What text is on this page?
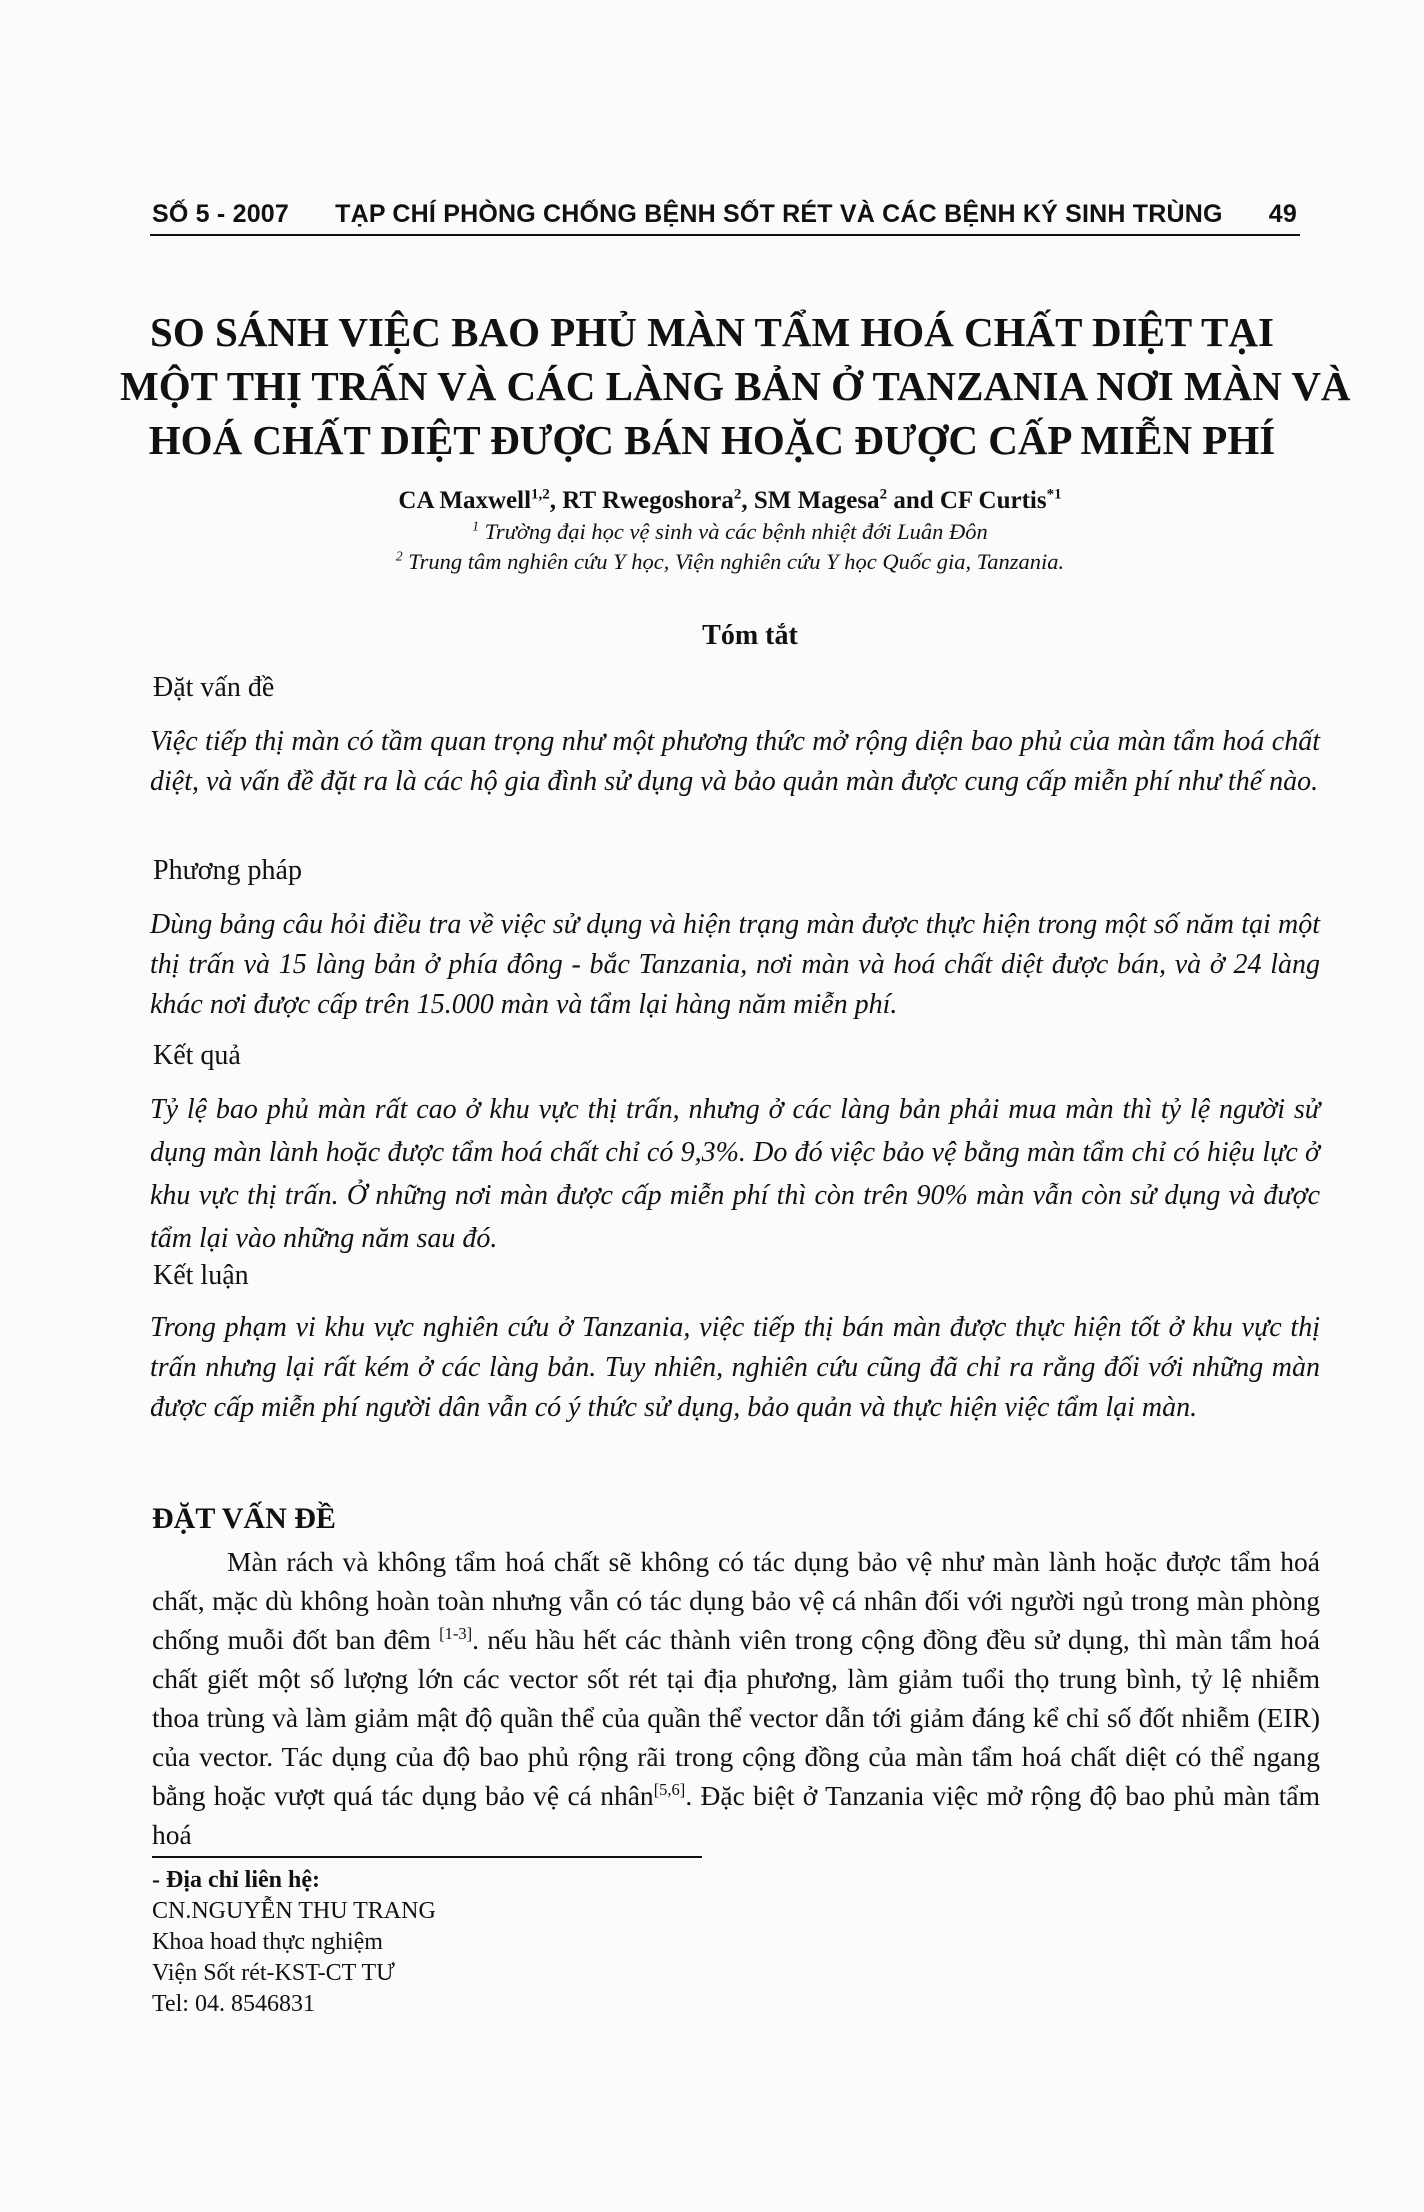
SỐ 5 - 2007 TẠP CHÍ PHÒNG CHỐNG BỆNH SỐT RÉT VÀ CÁC BỆNH KÝ SINH TRÙNG 49
SO SÁNH VIỆC BAO PHỦ MÀN TẨM HOÁ CHẤT DIỆT TẠI
MỘT THỊ TRẤN VÀ CÁC LÀNG BẢN Ở TANZANIA NƠI MÀN VÀ
HOÁ CHẤT DIỆT ĐƯỢC BÁN HOẶC ĐƯỢC CẤP MIỄN PHÍ
CA Maxwell$^{1,2}$, RT Rwegoshora$^2$, SM Magesa$^2$ and CF Curtis$^{*1}$
$^1$ Trường đại học vệ sinh và các bệnh nhiệt đới Luân Đôn
$^2$ Trung tâm nghiên cứu Y học, Viện nghiên cứu Y học Quốc gia, Tanzania.
Tóm tắt
Đặt vấn đề
Việc tiếp thị màn có tầm quan trọng như một phương thức mở rộng diện bao phủ của màn tẩm hoá chất diệt, và vấn đề đặt ra là các hộ gia đình sử dụng và bảo quản màn được cung cấp miễn phí như thế nào.
Phương pháp
Dùng bảng câu hỏi điều tra về việc sử dụng và hiện trạng màn được thực hiện trong một số năm tại một thị trấn và 15 làng bản ở phía đông - bắc Tanzania, nơi màn và hoá chất diệt được bán, và ở 24 làng khác nơi được cấp trên 15.000 màn và tẩm lại hàng năm miễn phí.
Kết quả
Tỷ lệ bao phủ màn rất cao ở khu vực thị trấn, nhưng ở các làng bản phải mua màn thì tỷ lệ người sử dụng màn lành hoặc được tẩm hoá chất chỉ có 9,3%. Do đó việc bảo vệ bằng màn tẩm chỉ có hiệu lực ở khu vực thị trấn. Ở những nơi màn được cấp miễn phí thì còn trên 90% màn vẫn còn sử dụng và được tẩm lại vào những năm sau đó.
Kết luận
Trong phạm vi khu vực nghiên cứu ở Tanzania, việc tiếp thị bán màn được thực hiện tốt ở khu vực thị trấn nhưng lại rất kém ở các làng bản. Tuy nhiên, nghiên cứu cũng đã chỉ ra rằng đối với những màn được cấp miễn phí người dân vẫn có ý thức sử dụng, bảo quản và thực hiện việc tẩm lại màn.
ĐẶT VẤN ĐỀ
Màn rách và không tẩm hoá chất sẽ không có tác dụng bảo vệ như màn lành hoặc được tẩm hoá chất, mặc dù không hoàn toàn nhưng vẫn có tác dụng bảo vệ cá nhân đối với người ngủ trong màn phòng chống muỗi đốt ban đêm [1-3]. nếu hầu hết các thành viên trong cộng đồng đều sử dụng, thì màn tẩm hoá chất giết một số lượng lớn các vector sốt rét tại địa phương, làm giảm tuổi thọ trung bình, tỷ lệ nhiễm thoa trùng và làm giảm mật độ quần thể của quần thể vector dẫn tới giảm đáng kể chỉ số đốt nhiễm (EIR) của vector. Tác dụng của độ bao phủ rộng rãi trong cộng đồng của màn tẩm hoá chất diệt có thể ngang bằng hoặc vượt quá tác dụng bảo vệ cá nhân[5,6]. Đặc biệt ở Tanzania việc mở rộng độ bao phủ màn tẩm hoá
- Địa chỉ liên hệ:
CN.NGUYỄN THU TRANG
Khoa hoad thực nghiệm
Viện Sốt rét-KST-CT TƯ
Tel: 04. 8546831
